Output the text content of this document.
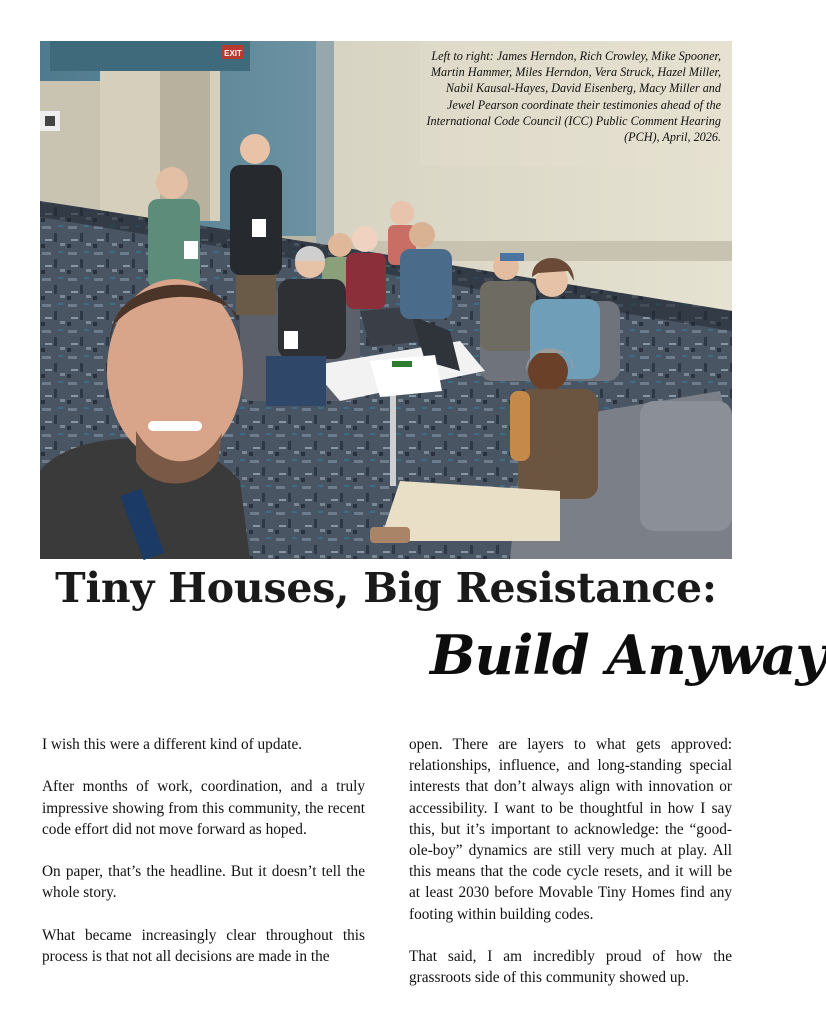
EXIT	Left to right: James Herndon, Rich Crowley, Mike Spooner, Martin Hammer, Miles Herndon, Vera Struck, Hazel Miller, Nabil Kausal-Hayes, David Eisenberg, Macy Miller and Jewel Pearson coordinate their testimonies ahead of the International Code Council (ICC) Public Comment Hearing (PCH), April, 2026.
Tiny Houses, Big Resistance:
Build Anyway

I wish this were a different kind of update.

After months of work, coordination, and a truly impressive showing from this community, the recent code effort did not move forward as hoped.

On paper, that’s the headline. But it doesn’t tell the whole story.

What became increasingly clear throughout this process is that not all decisions are made in the

open. There are layers to what gets approved: relationships, influence, and long-standing special interests that don’t always align with innovation or accessibility. I want to be thoughtful in how I say this, but it’s important to acknowledge: the “good-ole-boy” dynamics are still very much at play. All this means that the code cycle resets, and it will be at least 2030 before Movable Tiny Homes find any footing within building codes.

That said, I am incredibly proud of how the grassroots side of this community showed up.
